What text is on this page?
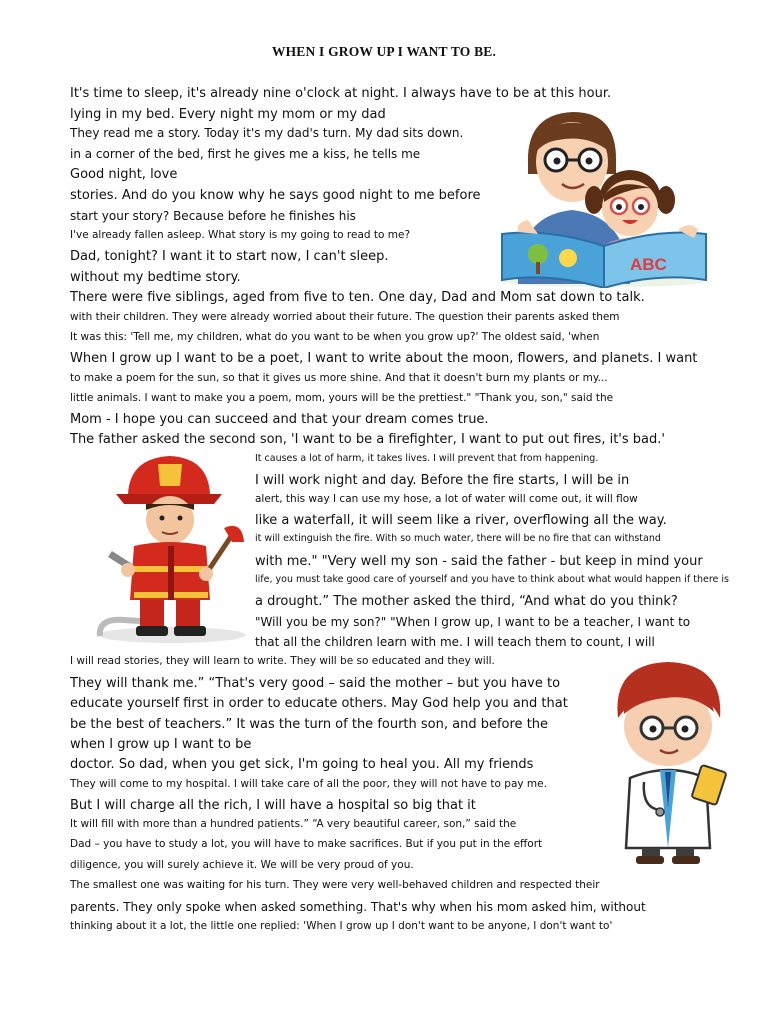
WHEN I GROW UP I WANT TO BE.
ABC
It's time to sleep, it's already nine o'clock at night. I always have to be at this hour.
lying in my bed. Every night my mom or my dad
They read me a story. Today it's my dad's turn. My dad sits down.
in a corner of the bed, first he gives me a kiss, he tells me
Good night, love
stories. And do you know why he says good night to me before
start your story? Because before he finishes his
I've already fallen asleep. What story is my going to read to me?
Dad, tonight? I want it to start now, I can't sleep.
without my bedtime story.
There were five siblings, aged from five to ten. One day, Dad and Mom sat down to talk.
with their children. They were already worried about their future. The question their parents asked them
It was this: 'Tell me, my children, what do you want to be when you grow up?' The oldest said, 'when
When I grow up I want to be a poet, I want to write about the moon, flowers, and planets. I want
to make a poem for the sun, so that it gives us more shine. And that it doesn't burn my plants or my...
little animals. I want to make you a poem, mom, yours will be the prettiest." "Thank you, son," said the
Mom - I hope you can succeed and that your dream comes true.
The father asked the second son, 'I want to be a firefighter, I want to put out fires, it's bad.'
It causes a lot of harm, it takes lives. I will prevent that from happening.
I will work night and day. Before the fire starts, I will be in
alert, this way I can use my hose, a lot of water will come out, it will flow
like a waterfall, it will seem like a river, overflowing all the way.
it will extinguish the fire. With so much water, there will be no fire that can withstand
with me." "Very well my son - said the father - but keep in mind your
life, you must take good care of yourself and you have to think about what would happen if there is
a drought.” The mother asked the third, “And what do you think?
"Will you be my son?" "When I grow up, I want to be a teacher, I want to
that all the children learn with me. I will teach them to count, I will
I will read stories, they will learn to write. They will be so educated and they will.
They will thank me.” “That's very good – said the mother – but you have to
educate yourself first in order to educate others. May God help you and that
be the best of teachers.” It was the turn of the fourth son, and before the
when I grow up I want to be
doctor. So dad, when you get sick, I'm going to heal you. All my friends
They will come to my hospital. I will take care of all the poor, they will not have to pay me.
But I will charge all the rich, I will have a hospital so big that it
It will fill with more than a hundred patients.” “A very beautiful career, son,” said the
Dad – you have to study a lot, you will have to make sacrifices. But if you put in the effort
diligence, you will surely achieve it. We will be very proud of you.
The smallest one was waiting for his turn. They were very well-behaved children and respected their
parents. They only spoke when asked something. That's why when his mom asked him, without
thinking about it a lot, the little one replied: 'When I grow up I don't want to be anyone, I don't want to'
